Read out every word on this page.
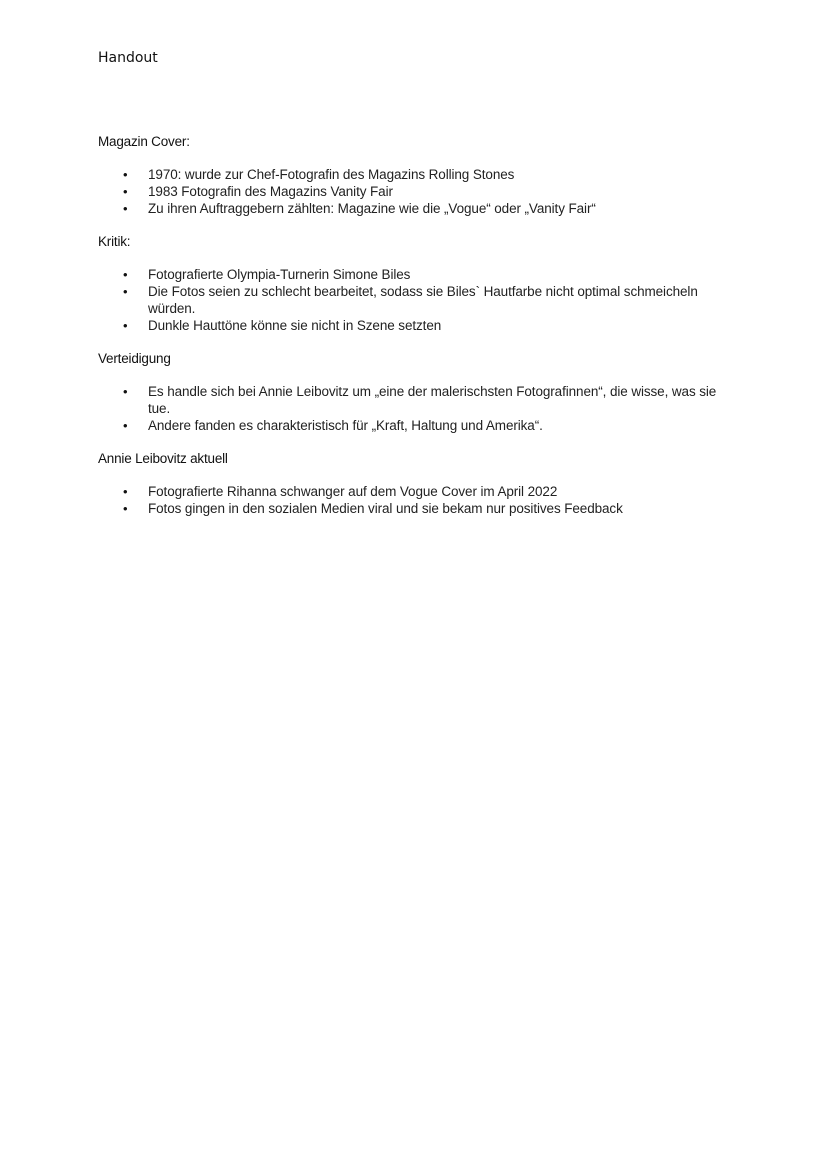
Handout
Magazin Cover:
• 1970: wurde zur Chef-Fotografin des Magazins Rolling Stones
• 1983 Fotografin des Magazins Vanity Fair
• Zu ihren Auftraggebern zählten: Magazine wie die „Vogue“ oder „Vanity Fair“
Kritik:
• Fotografierte Olympia-Turnerin Simone Biles
• Die Fotos seien zu schlecht bearbeitet, sodass sie Biles` Hautfarbe nicht optimal schmeicheln würden.
• Dunkle Hauttöne könne sie nicht in Szene setzten
Verteidigung
• Es handle sich bei Annie Leibovitz um „eine der malerischsten Fotografinnen“, die wisse, was sie tue.
• Andere fanden es charakteristisch für „Kraft, Haltung und Amerika“.
Annie Leibovitz aktuell
• Fotografierte Rihanna schwanger auf dem Vogue Cover im April 2022
• Fotos gingen in den sozialen Medien viral und sie bekam nur positives Feedback
